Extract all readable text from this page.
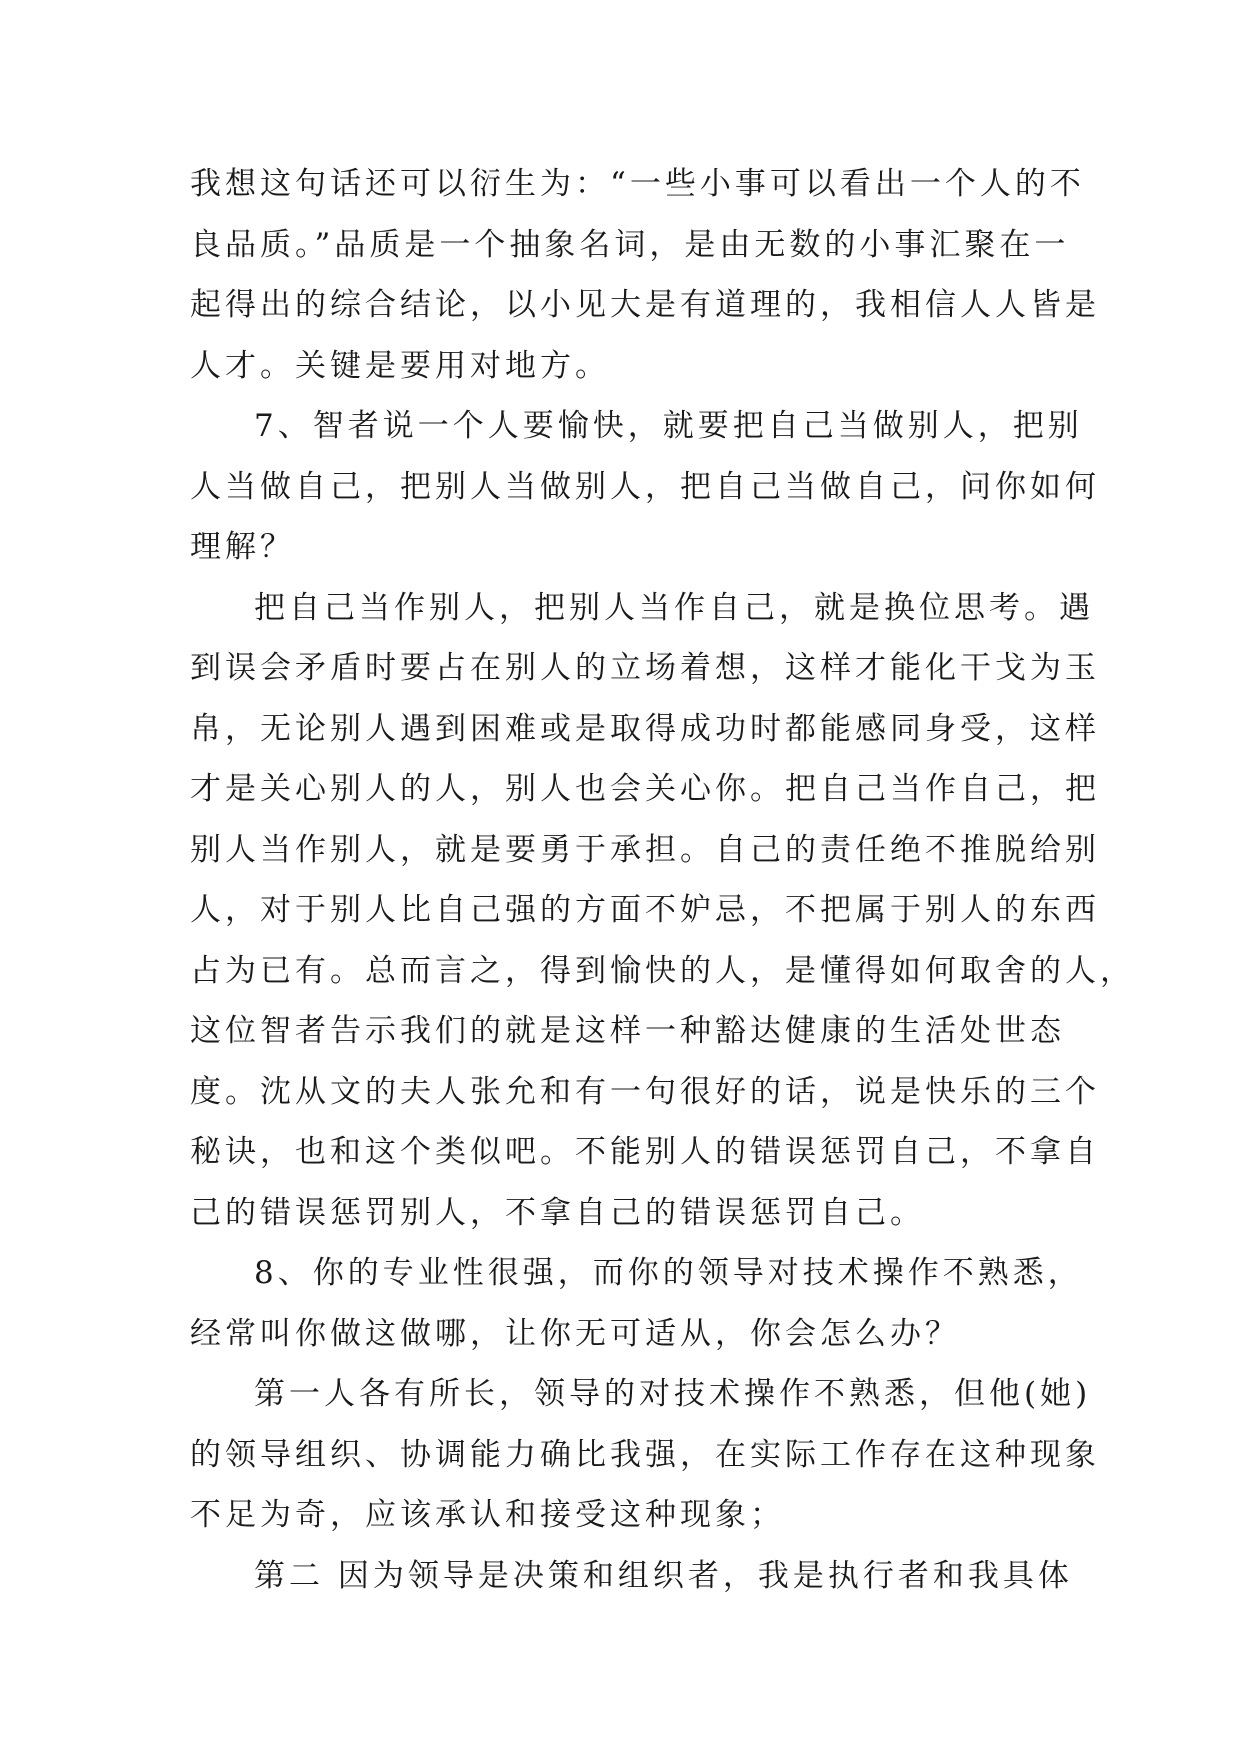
我想这句话还可以衍生为：“一些小事可以看出一个人的不
良品质。”品质是一个抽象名词，是由无数的小事汇聚在一
起得出的综合结论，以小见大是有道理的，我相信人人皆是
人才。关键是要用对地方。
7、智者说一个人要愉快，就要把自己当做别人，把别
人当做自己，把别人当做别人，把自己当做自己，问你如何
理解？
把自己当作别人，把别人当作自己，就是换位思考。遇
到误会矛盾时要占在别人的立场着想，这样才能化干戈为玉
帛，无论别人遇到困难或是取得成功时都能感同身受，这样
才是关心别人的人，别人也会关心你。把自己当作自己，把
别人当作别人，就是要勇于承担。自己的责任绝不推脱给别
人，对于别人比自己强的方面不妒忌，不把属于别人的东西
占为已有。总而言之，得到愉快的人，是懂得如何取舍的人，
这位智者告示我们的就是这样一种豁达健康的生活处世态
度。沈从文的夫人张允和有一句很好的话，说是快乐的三个
秘诀，也和这个类似吧。不能别人的错误惩罚自己，不拿自
己的错误惩罚别人，不拿自己的错误惩罚自己。
8、你的专业性很强，而你的领导对技术操作不熟悉，
经常叫你做这做哪，让你无可适从，你会怎么办？
第一人各有所长，领导的对技术操作不熟悉，但他(她)
的领导组织、协调能力确比我强，在实际工作存在这种现象
不足为奇，应该承认和接受这种现象；
第二 因为领导是决策和组织者，我是执行者和我具体
